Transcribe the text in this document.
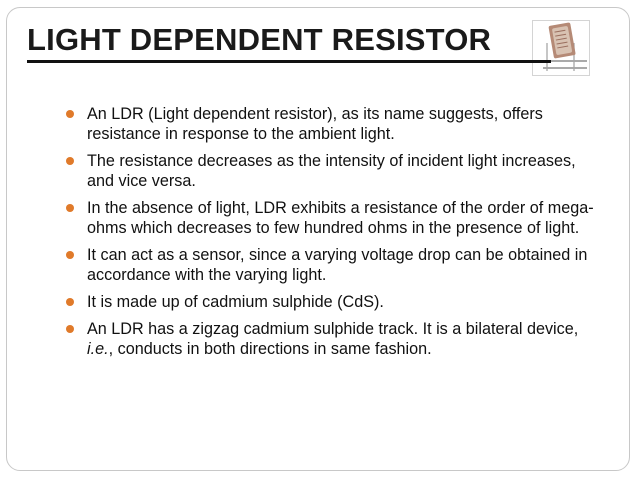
LIGHT DEPENDENT RESISTOR
An LDR (Light dependent resistor), as its name suggests, offers resistance in response to the ambient light.
The resistance decreases as the intensity of incident light increases, and vice versa.
In the absence of light, LDR exhibits a resistance of the order of mega-ohms which decreases to few hundred ohms in the presence of light.
It can act as a sensor, since a varying voltage drop can be obtained in accordance with the varying light.
It is made up of cadmium sulphide (CdS).
An LDR has a zigzag cadmium sulphide track. It is a bilateral device, i.e., conducts in both directions in same fashion.
